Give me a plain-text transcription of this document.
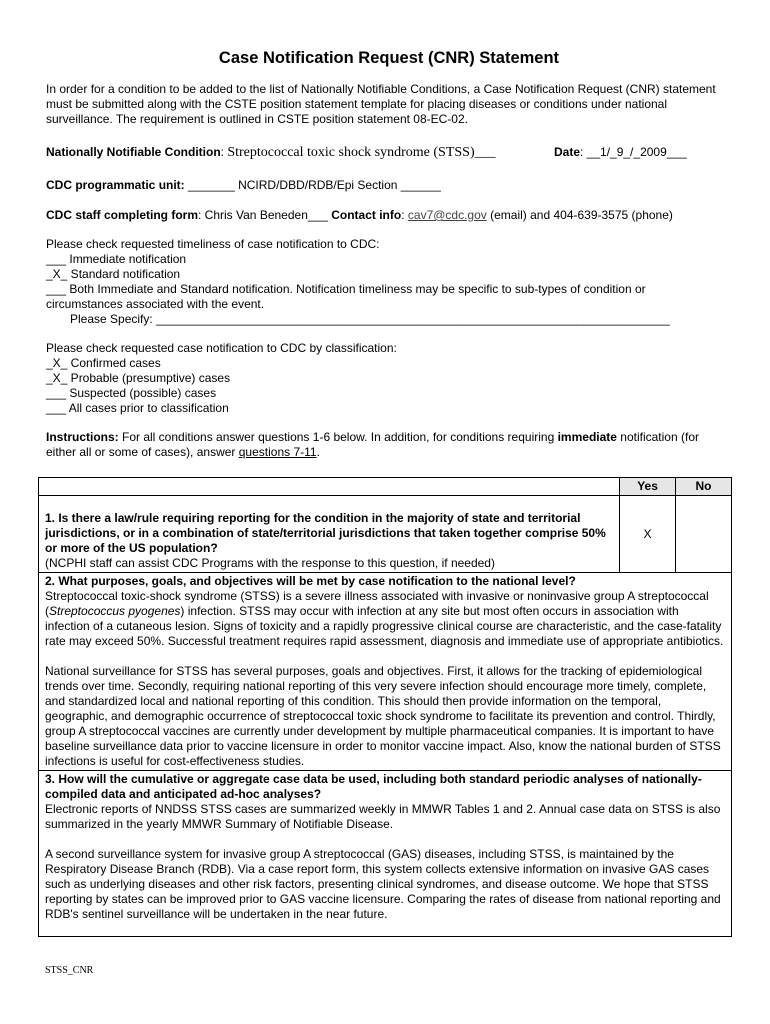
Case Notification Request (CNR) Statement

In order for a condition to be added to the list of Nationally Notifiable Conditions, a Case Notification Request (CNR) statement must be submitted along with the CSTE position statement template for placing diseases or conditions under national surveillance. The requirement is outlined in CSTE position statement 08-EC-02.

Nationally Notifiable Condition: Streptococcal toxic shock syndrome (STSS)___	Date: __1/_9_/_2009___

CDC programmatic unit: _______ NCIRD/DBD/RDB/Epi Section ______

CDC staff completing form: Chris Van Beneden___ Contact info: cav7@cdc.gov (email) and 404-639-3575 (phone)

Please check requested timeliness of case notification to CDC:
___ Immediate notification
_X_ Standard notification
___ Both Immediate and Standard notification. Notification timeliness may be specific to sub-types of condition or
circumstances associated with the event.
Please Specify: _____________________________________________________________________________
Please check requested case notification to CDC by classification:
_X_ Confirmed cases
_X_ Probable (presumptive) cases
___ Suspected (possible) cases
___ All cases prior to classification

Instructions: For all conditions answer questions 1-6 below. In addition, for conditions requiring immediate notification (for either all or some of cases), answer questions 7-11.

	Yes	No

1. Is there a law/rule requiring reporting for the condition in the majority of state and territorial jurisdictions, or in a combination of state/territorial jurisdictions that taken together comprise 50% or more of the US population?
(NCPHI staff can assist CDC Programs with the response to this question, if needed)	X	

2. What purposes, goals, and objectives will be met by case notification to the national level?
Streptococcal toxic-shock syndrome (STSS) is a severe illness associated with invasive or noninvasive group A streptococcal (Streptococcus pyogenes) infection. STSS may occur with infection at any site but most often occurs in association with infection of a cutaneous lesion. Signs of toxicity and a rapidly progressive clinical course are characteristic, and the case-fatality rate may exceed 50%. Successful treatment requires rapid assessment, diagnosis and immediate use of appropriate antibiotics.
National surveillance for STSS has several purposes, goals and objectives. First, it allows for the tracking of epidemiological trends over time. Secondly, requiring national reporting of this very severe infection should encourage more timely, complete, and standardized local and national reporting of this condition. This should then provide information on the temporal, geographic, and demographic occurrence of streptococcal toxic shock syndrome to facilitate its prevention and control. Thirdly, group A streptococcal vaccines are currently under development by multiple pharmaceutical companies. It is important to have baseline surveillance data prior to vaccine licensure in order to monitor vaccine impact. Also, know the national burden of STSS infections is useful for cost-effectiveness studies.		

3. How will the cumulative or aggregate case data be used, including both standard periodic analyses of nationally-compiled data and anticipated ad-hoc analyses?
Electronic reports of NNDSS STSS cases are summarized weekly in MMWR Tables 1 and 2. Annual case data on STSS is also summarized in the yearly MMWR Summary of Notifiable Disease.
A second surveillance system for invasive group A streptococcal (GAS) diseases, including STSS, is maintained by the Respiratory Disease Branch (RDB). Via a case report form, this system collects extensive information on invasive GAS cases such as underlying diseases and other risk factors, presenting clinical syndromes, and disease outcome. We hope that STSS reporting by states can be improved prior to GAS vaccine licensure. Comparing the rates of disease from national reporting and RDB's sentinel surveillance will be undertaken in the near future.		
STSS_CNR
